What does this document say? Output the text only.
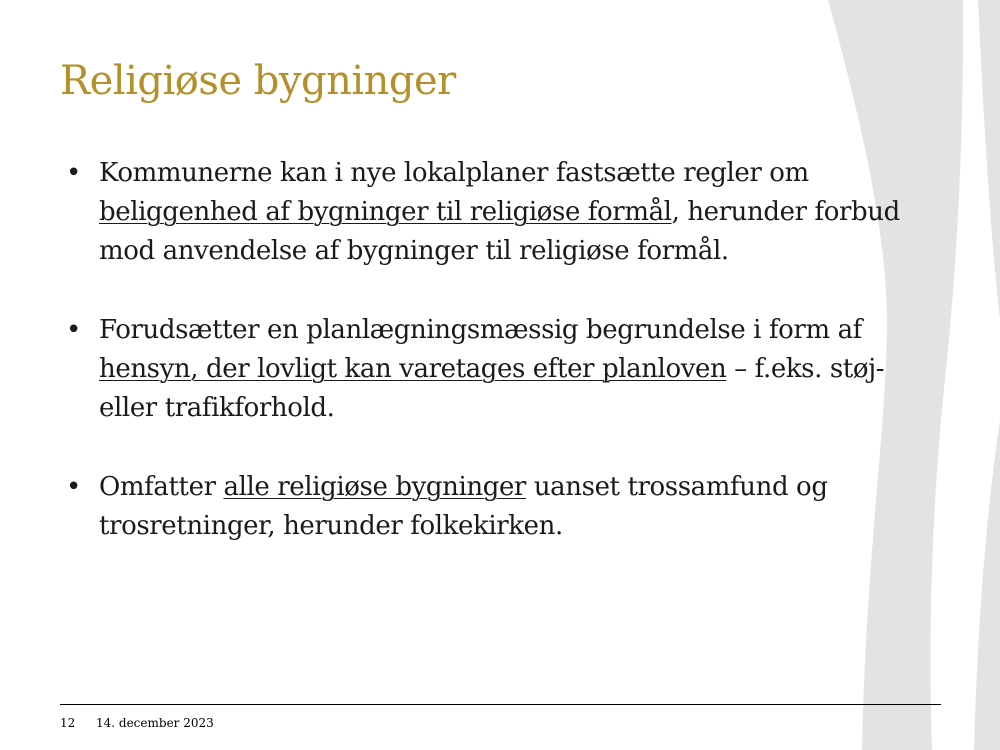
Religiøse bygninger
• Kommunerne kan i nye lokalplaner fastsætte regler om beliggenhed af bygninger til religiøse formål, herunder forbud mod anvendelse af bygninger til religiøse formål.
• Forudsætter en planlægningsmæssig begrundelse i form af hensyn, der lovligt kan varetages efter planloven – f.eks. støj- eller trafikforhold.
• Omfatter alle religiøse bygninger uanset trossamfund og trosretninger, herunder folkekirken.
12 14. december 2023
